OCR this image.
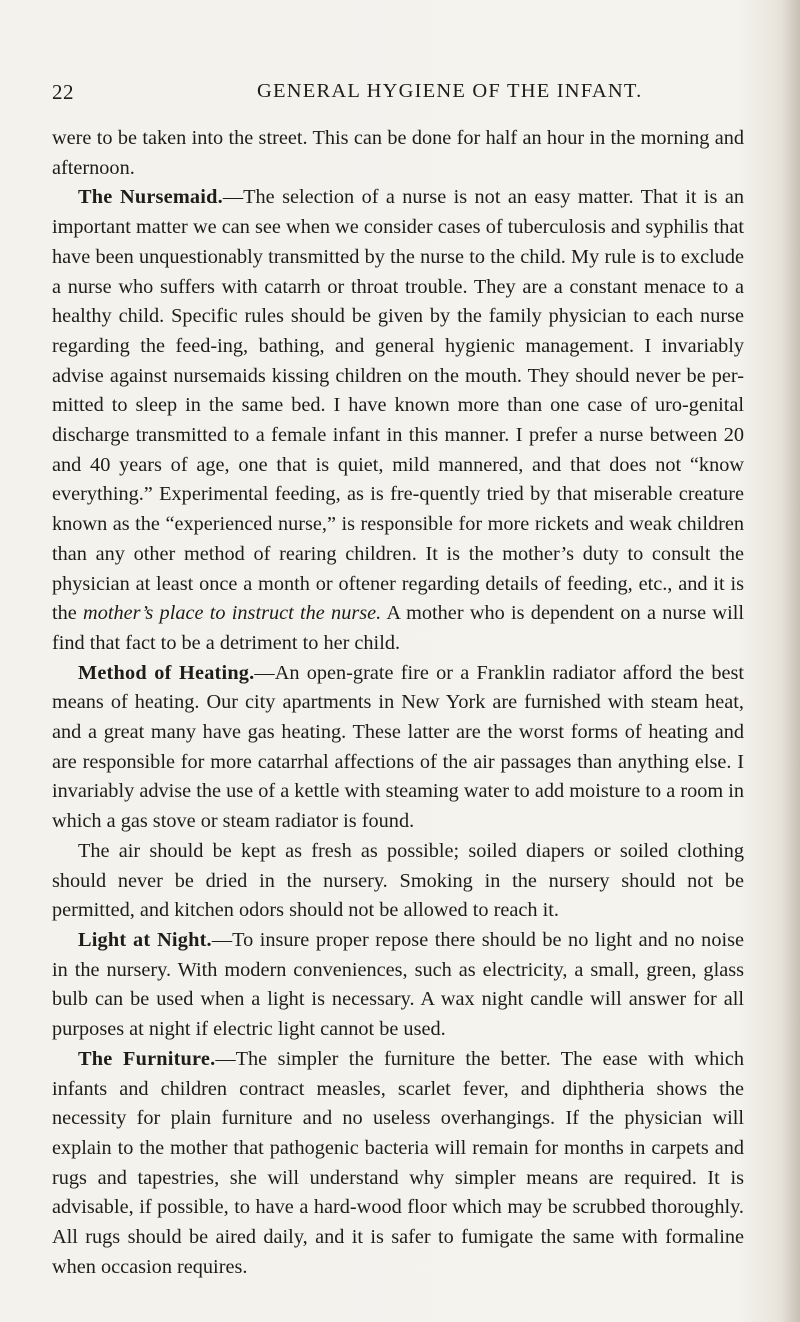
22	GENERAL HYGIENE OF THE INFANT.

were to be taken into the street. This can be done for half an hour in the morning and afternoon.

The Nursemaid.—The selection of a nurse is not an easy matter. That it is an important matter we can see when we consider cases of tuberculosis and syphilis that have been unquestionably transmitted by the nurse to the child. My rule is to exclude a nurse who suffers with catarrh or throat trouble. They are a constant menace to a healthy child. Specific rules should be given by the family physician to each nurse regarding the feed-ing, bathing, and general hygienic management. I invariably advise against nursemaids kissing children on the mouth. They should never be per-mitted to sleep in the same bed. I have known more than one case of uro-genital discharge transmitted to a female infant in this manner. I prefer a nurse between 20 and 40 years of age, one that is quiet, mild mannered, and that does not “know everything.” Experimental feeding, as is fre-quently tried by that miserable creature known as the “experienced nurse,” is responsible for more rickets and weak children than any other method of rearing children. It is the mother’s duty to consult the physician at least once a month or oftener regarding details of feeding, etc., and it is the mother’s place to instruct the nurse. A mother who is dependent on a nurse will find that fact to be a detriment to her child.

Method of Heating.—An open-grate fire or a Franklin radiator afford the best means of heating. Our city apartments in New York are furnished with steam heat, and a great many have gas heating. These latter are the worst forms of heating and are responsible for more catarrhal affections of the air passages than anything else. I invariably advise the use of a kettle with steaming water to add moisture to a room in which a gas stove or steam radiator is found.

The air should be kept as fresh as possible; soiled diapers or soiled clothing should never be dried in the nursery. Smoking in the nursery should not be permitted, and kitchen odors should not be allowed to reach it.

Light at Night.—To insure proper repose there should be no light and no noise in the nursery. With modern conveniences, such as electricity, a small, green, glass bulb can be used when a light is necessary. A wax night candle will answer for all purposes at night if electric light cannot be used.

The Furniture.—The simpler the furniture the better. The ease with which infants and children contract measles, scarlet fever, and diphtheria shows the necessity for plain furniture and no useless overhangings. If the physician will explain to the mother that pathogenic bacteria will remain for months in carpets and rugs and tapestries, she will understand why simpler means are required. It is advisable, if possible, to have a hard-wood floor which may be scrubbed thoroughly. All rugs should be aired daily, and it is safer to fumigate the same with formaline when occasion requires.
